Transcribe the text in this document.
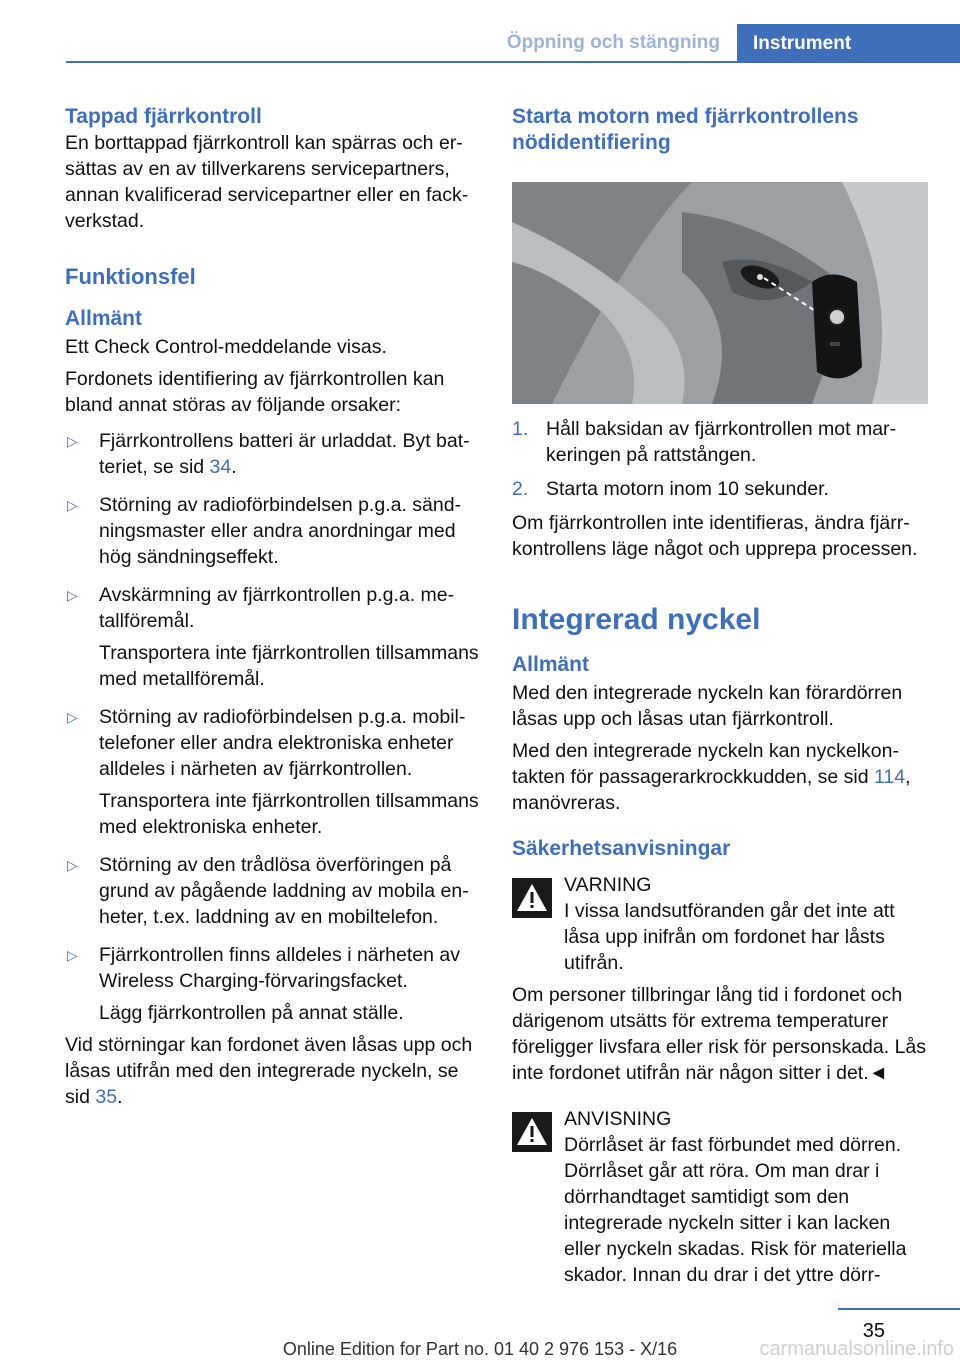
Öppning och stängning	Instrument
Tappad fjärrkontroll

En borttappad fjärrkontroll kan spärras och ersättas av en av tillverkarens servicepartners, annan kvalificerad servicepartner eller en fackverkstad.

Funktionsfel
Allmänt

Ett Check Control-meddelande visas.

Fordonets identifiering av fjärrkontrollen kan bland annat störas av följande orsaker:

▷ Fjärrkontrollens batteri är urladdat. Byt batteriet, se sid 34.
▷ Störning av radioförbindelsen p.g.a. sändningsmaster eller andra anordningar med hög sändningseffekt.
▷ Avskärmning av fjärrkontrollen p.g.a. metallföremål.
Transportera inte fjärrkontrollen tillsammans med metallföremål.
▷ Störning av radioförbindelsen p.g.a. mobiltelefoner eller andra elektroniska enheter alldeles i närheten av fjärrkontrollen.
Transportera inte fjärrkontrollen tillsammans med elektroniska enheter.
▷ Störning av den trådlösa överföringen på grund av pågående laddning av mobila enheter, t.ex. laddning av en mobiltelefon.
▷ Fjärrkontrollen finns alldeles i närheten av Wireless Charging-förvaringsfacket.
Lägg fjärrkontrollen på annat ställe.

Vid störningar kan fordonet även låsas upp och låsas utifrån med den integrerade nyckeln, se sid 35.

Starta motorn med fjärrkontrollens nödidentifiering
1. Håll baksidan av fjärrkontrollen mot markeringen på rattstången.
2. Starta motorn inom 10 sekunder.

Om fjärrkontrollen inte identifieras, ändra fjärrkontrollens läge något och upprepa processen.

Integrerad nyckel
Allmänt

Med den integrerade nyckeln kan förardörren låsas upp och låsas utan fjärrkontroll.

Med den integrerade nyckeln kan nyckelkontakten för passagerarkrockkudden, se sid 114, manövreras.

Säkerhetsanvisningar
VARNING
I vissa landsutföranden går det inte att låsa upp inifrån om fordonet har låsts utifrån.

Om personer tillbringar lång tid i fordonet och därigenom utsätts för extrema temperaturer föreligger livsfara eller risk för personskada. Lås inte fordonet utifrån när någon sitter i det.◄

ANVISNING
Dörrlåset är fast förbundet med dörren. Dörrlåset går att röra. Om man drar i dörrhandtaget samtidigt som den integrerade nyckeln sitter i kan lacken eller nyckeln skadas. Risk för materiella skador. Innan du drar i det yttre dörr-
35
Online Edition for Part no. 01 40 2 976 153 - X/16	carmanualsonline.info
